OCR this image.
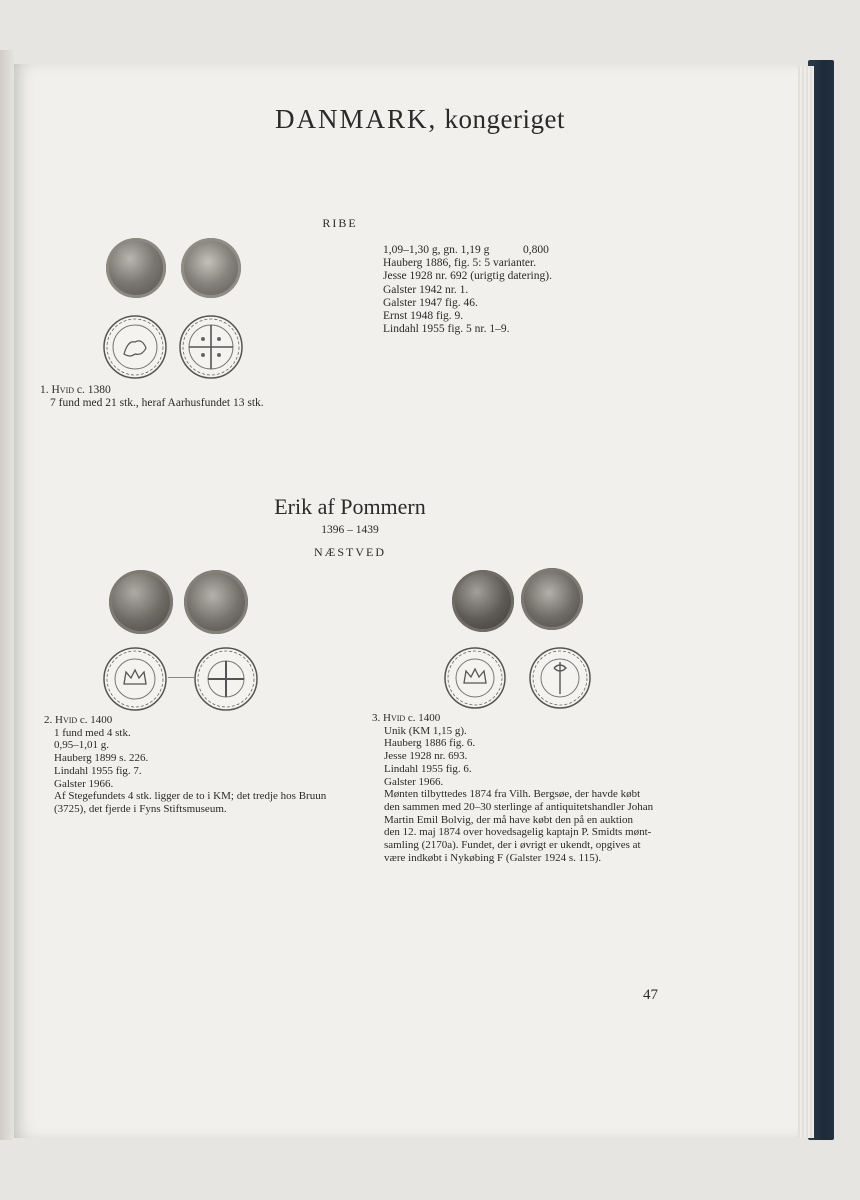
DANMARK, kongeriget
RIBE
1,09–1,30 g, gn. 1,19 g	0,800
Hauberg 1886, fig. 5: 5 varianter.
Jesse 1928 nr. 692 (urigtig datering).
Galster 1942 nr. 1.
Galster 1947 fig. 46.
Ernst 1948 fig. 9.
Lindahl 1955 fig. 5 nr. 1–9.
1. Hvid c. 1380
7 fund med 21 stk., heraf Aarhusfundet 13 stk.
Erik af Pommern
1396 – 1439
NÆSTVED
2. Hvid c. 1400
1 fund med 4 stk.
0,95–1,01 g.
Hauberg 1899 s. 226.
Lindahl 1955 fig. 7.
Galster 1966.
Af Stegefundets 4 stk. ligger de to i KM; det tredje hos Bruun
(3725), det fjerde i Fyns Stiftsmuseum.
3. Hvid c. 1400
Unik (KM 1,15 g).
Hauberg 1886 fig. 6.
Jesse 1928 nr. 693.
Lindahl 1955 fig. 6.
Galster 1966.
Mønten tilbyttedes 1874 fra Vilh. Bergsøe, der havde købt
den sammen med 20–30 sterlinge af antiquitetshandler Johan
Martin Emil Bolvig, der må have købt den på en auktion
den 12. maj 1874 over hovedsagelig kaptajn P. Smidts mønt-
samling (2170a). Fundet, der i øvrigt er ukendt, opgives at
være indkøbt i Nykøbing F (Galster 1924 s. 115).
47
